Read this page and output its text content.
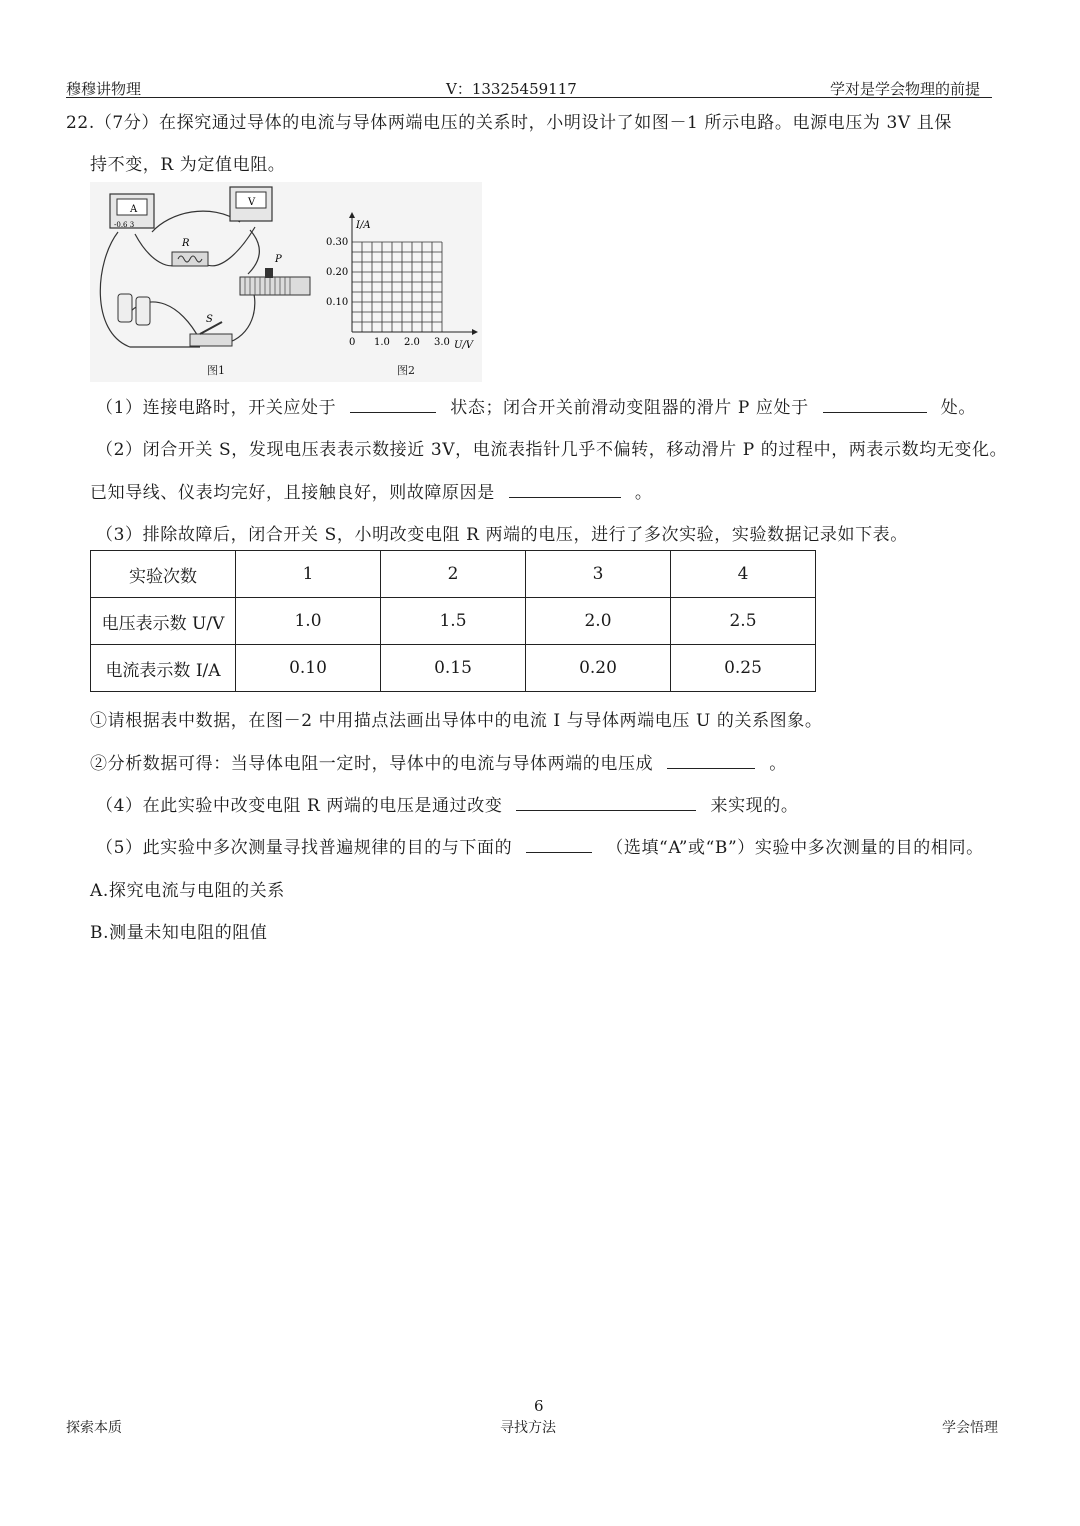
穆穆讲物理	V：13325459117	学对是学会物理的前提
22.（7分）在探究通过导体的电流与导体两端电压的关系时，小明设计了如图－1 所示电路。电源电压为 3V 且保
持不变，R 为定值电阻。
A
-0.6 3
V
R
P
S
图1	图2
I/A
U/V
0.10
0.20
0.30
0 1.0 2.0 3.0
（1）连接电路时，开关应处于	状态；闭合开关前滑动变阻器的滑片 P 应处于	处。
（2）闭合开关 S，发现电压表表示数接近 3V，电流表指针几乎不偏转，移动滑片 P 的过程中，两表示数均无变化。
已知导线、仪表均完好，且接触良好，则故障原因是	。
（3）排除故障后，闭合开关 S，小明改变电阻 R 两端的电压，进行了多次实验，实验数据记录如下表。
实验次数	1	2	3	4
电压表示数 U/V	1.0	1.5	2.0	2.5
电流表示数 I/A	0.10	0.15	0.20	0.25
①请根据表中数据，在图－2 中用描点法画出导体中的电流 I 与导体两端电压 U 的关系图象。
②分析数据可得：当导体电阻一定时，导体中的电流与导体两端的电压成	。
（4）在此实验中改变电阻 R 两端的电压是通过改变	来实现的。
（5）此实验中多次测量寻找普遍规律的目的与下面的	（选填“A”或“B”）实验中多次测量的目的相同。
A.探究电流与电阻的关系
B.测量未知电阻的阻值
6
探索本质	寻找方法	学会悟理
